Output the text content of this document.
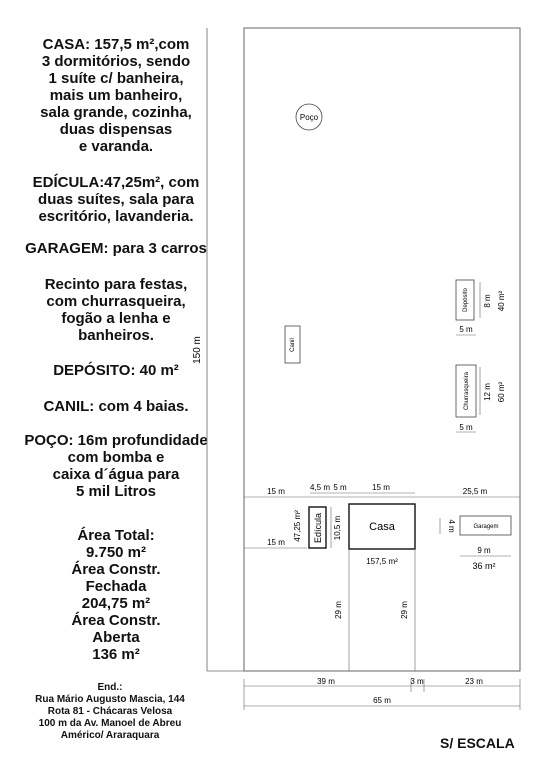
CASA: 157,5 m²,com
3 dormitórios, sendo
1 suíte c/ banheira,
mais um banheiro,
sala grande, cozinha,
duas dispensas
e varanda.
EDÍCULA:47,25m², com
duas suítes, sala para
escritório, lavanderia.
GARAGEM: para 3 carros
Recinto para festas,
com churrasqueira,
fogão a lenha e
banheiros.
DEPÓSITO: 40 m²
CANIL: com 4 baias.
POÇO: 16m profundidade
com bomba e
caixa d´água para
5 mil Litros
Área Total:
9.750 m²
Área Constr.
Fechada
204,75 m²
Área Constr.
Aberta
136 m²
End.:
Rua Mário Augusto Mascia, 144
Rota 81 - Chácaras Velosa
100 m da Av. Manoel de Abreu
Américo/ Araraquara	S/ ESCALA
150 m
Poço
Canil
Depósito 8 m 40 m²
5 m
Churrasqueira 12 m 60 m²
5 m
15 m	4,5 m 5 m	15 m	25,5 m
15 m	Edícula
47,25 m²	10,5 m Casa
157,5 m²
Garagem
4 m
9 m
36 m²
29 m	29 m
39 m	3 m	23 m
65 m
